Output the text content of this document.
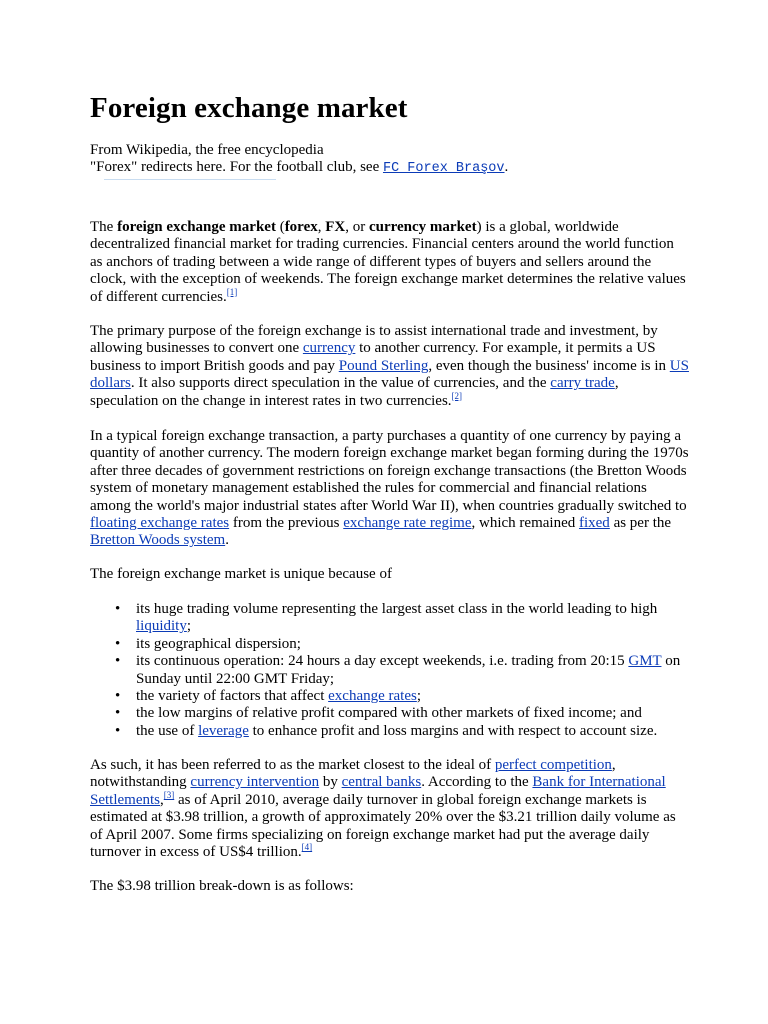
Foreign exchange market
From Wikipedia, the free encyclopedia
"Forex" redirects here. For the football club, see FC Forex Braşov.

The foreign exchange market (forex, FX, or currency market) is a global, worldwide decentralized financial market for trading currencies. Financial centers around the world function as anchors of trading between a wide range of different types of buyers and sellers around the clock, with the exception of weekends. The foreign exchange market determines the relative values of different currencies.[1]

The primary purpose of the foreign exchange is to assist international trade and investment, by allowing businesses to convert one currency to another currency. For example, it permits a US business to import British goods and pay Pound Sterling, even though the business' income is in US dollars. It also supports direct speculation in the value of currencies, and the carry trade, speculation on the change in interest rates in two currencies.[2]

In a typical foreign exchange transaction, a party purchases a quantity of one currency by paying a quantity of another currency. The modern foreign exchange market began forming during the 1970s after three decades of government restrictions on foreign exchange transactions (the Bretton Woods system of monetary management established the rules for commercial and financial relations among the world's major industrial states after World War II), when countries gradually switched to floating exchange rates from the previous exchange rate regime, which remained fixed as per the Bretton Woods system.

The foreign exchange market is unique because of

• its huge trading volume representing the largest asset class in the world leading to high liquidity;
• its geographical dispersion;
• its continuous operation: 24 hours a day except weekends, i.e. trading from 20:15 GMT on Sunday until 22:00 GMT Friday;
• the variety of factors that affect exchange rates;
• the low margins of relative profit compared with other markets of fixed income; and
• the use of leverage to enhance profit and loss margins and with respect to account size.

As such, it has been referred to as the market closest to the ideal of perfect competition, notwithstanding currency intervention by central banks. According to the Bank for International Settlements,[3] as of April 2010, average daily turnover in global foreign exchange markets is estimated at $3.98 trillion, a growth of approximately 20% over the $3.21 trillion daily volume as of April 2007. Some firms specializing on foreign exchange market had put the average daily turnover in excess of US$4 trillion.[4]

The $3.98 trillion break-down is as follows:
